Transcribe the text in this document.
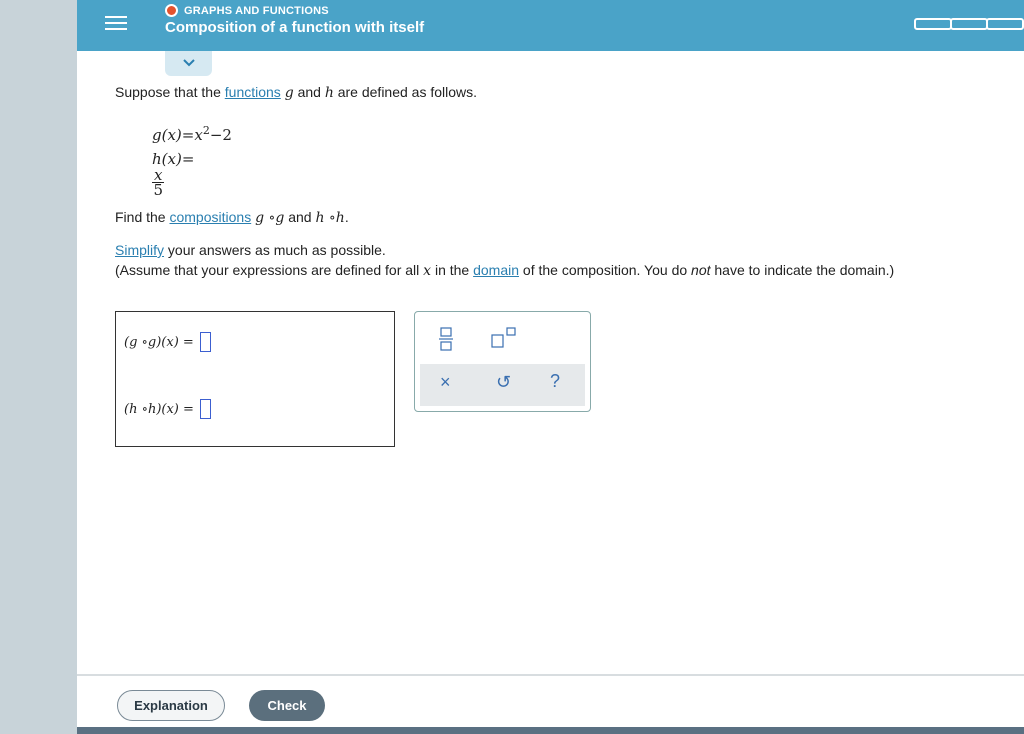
GRAPHS AND FUNCTIONS
Composition of a function with itself
Suppose that the functions g and h are defined as follows.
$g(x)=x^2-2$
h(x)=
$\frac{x}{5}$
Find the compositions g ∘g and h ∘h.
Simplify your answers as much as possible.
(Assume that your expressions are defined for all x in the domain of the composition. You do not have to indicate the domain.)
(g ∘g)(x) =
(h ∘h)(x) =
×	↺ ?
Explanation	Check
